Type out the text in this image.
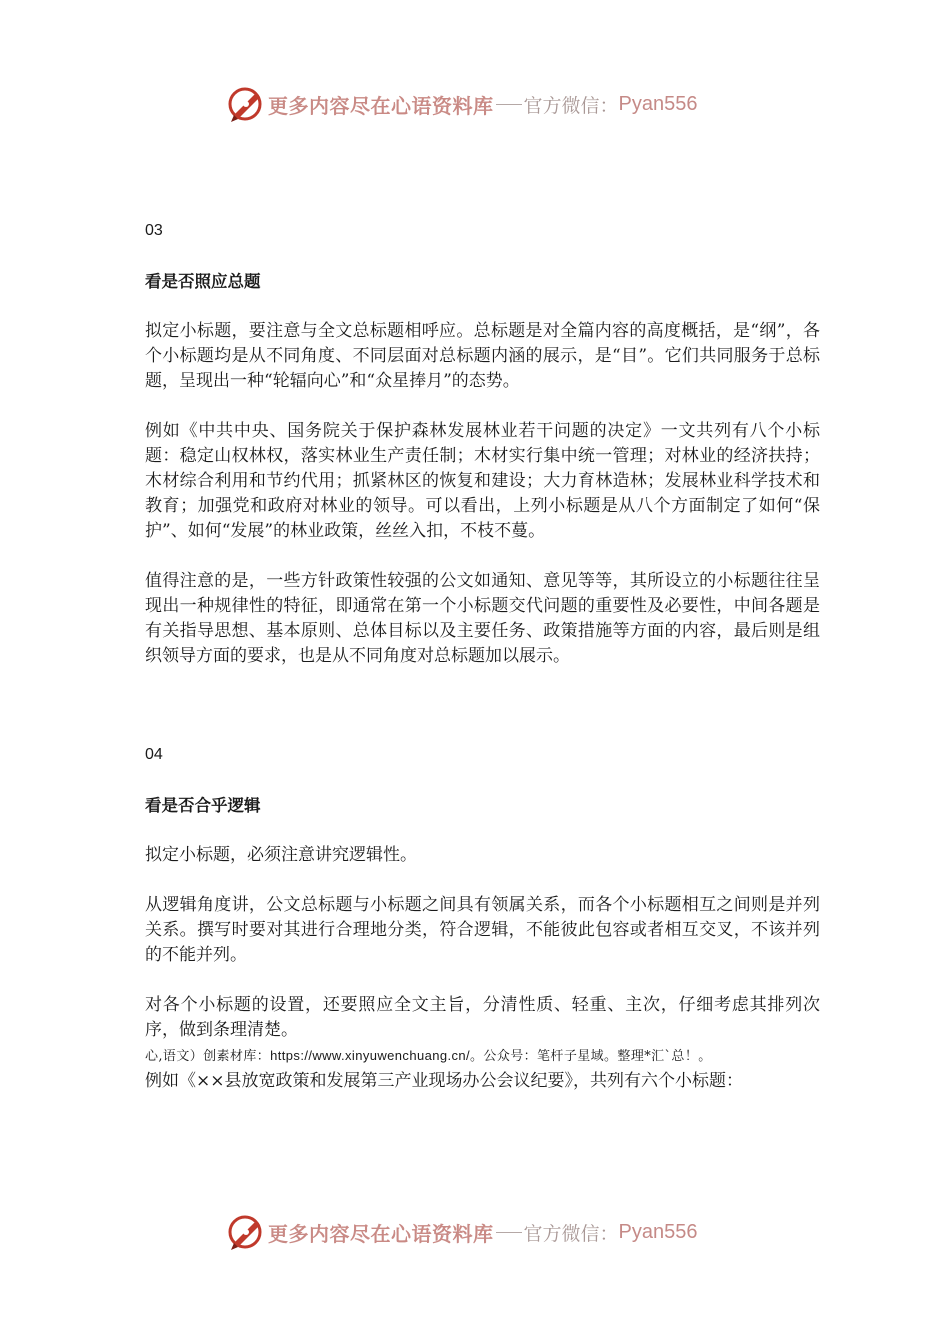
更多内容尽在心语资料库 官方微信： Pyan556

03

看是否照应总题

拟定小标题，要注意与全文总标题相呼应。总标题是对全篇内容的高度概括，是“纲”，各个小标题均是从不同角度、不同层面对总标题内涵的展示，是“目”。它们共同服务于总标题，呈现出一种“轮辐向心”和“众星捧月”的态势。

例如《中共中央、国务院关于保护森林发展林业若干问题的决定》一文共列有八个小标题：稳定山权林权，落实林业生产责任制；木材实行集中统一管理；对林业的经济扶持；木材综合利用和节约代用；抓紧林区的恢复和建设；大力育林造林；发展林业科学技术和教育；加强党和政府对林业的领导。可以看出，上列小标题是从八个方面制定了如何“保护”、如何“发展”的林业政策，丝丝入扣，不枝不蔓。

值得注意的是，一些方针政策性较强的公文如通知、意见等等，其所设立的小标题往往呈现出一种规律性的特征，即通常在第一个小标题交代问题的重要性及必要性，中间各题是有关指导思想、基本原则、总体目标以及主要任务、政策措施等方面的内容，最后则是组织领导方面的要求，也是从不同角度对总标题加以展示。

04

看是否合乎逻辑

拟定小标题，必须注意讲究逻辑性。

从逻辑角度讲，公文总标题与小标题之间具有领属关系，而各个小标题相互之间则是并列关系。撰写时要对其进行合理地分类，符合逻辑，不能彼此包容或者相互交叉，不该并列的不能并列。

对各个小标题的设置，还要照应全文主旨，分清性质、轻重、主次，仔细考虑其排列次序，做到条理清楚。

心,语文）创素材库：https://www.xinyuwenchuang.cn/。公众号：笔杆子星域。整理*汇`总！。

例如《××县放宽政策和发展第三产业现场办公会议纪要》，共列有六个小标题：

更多内容尽在心语资料库 官方微信： Pyan556
